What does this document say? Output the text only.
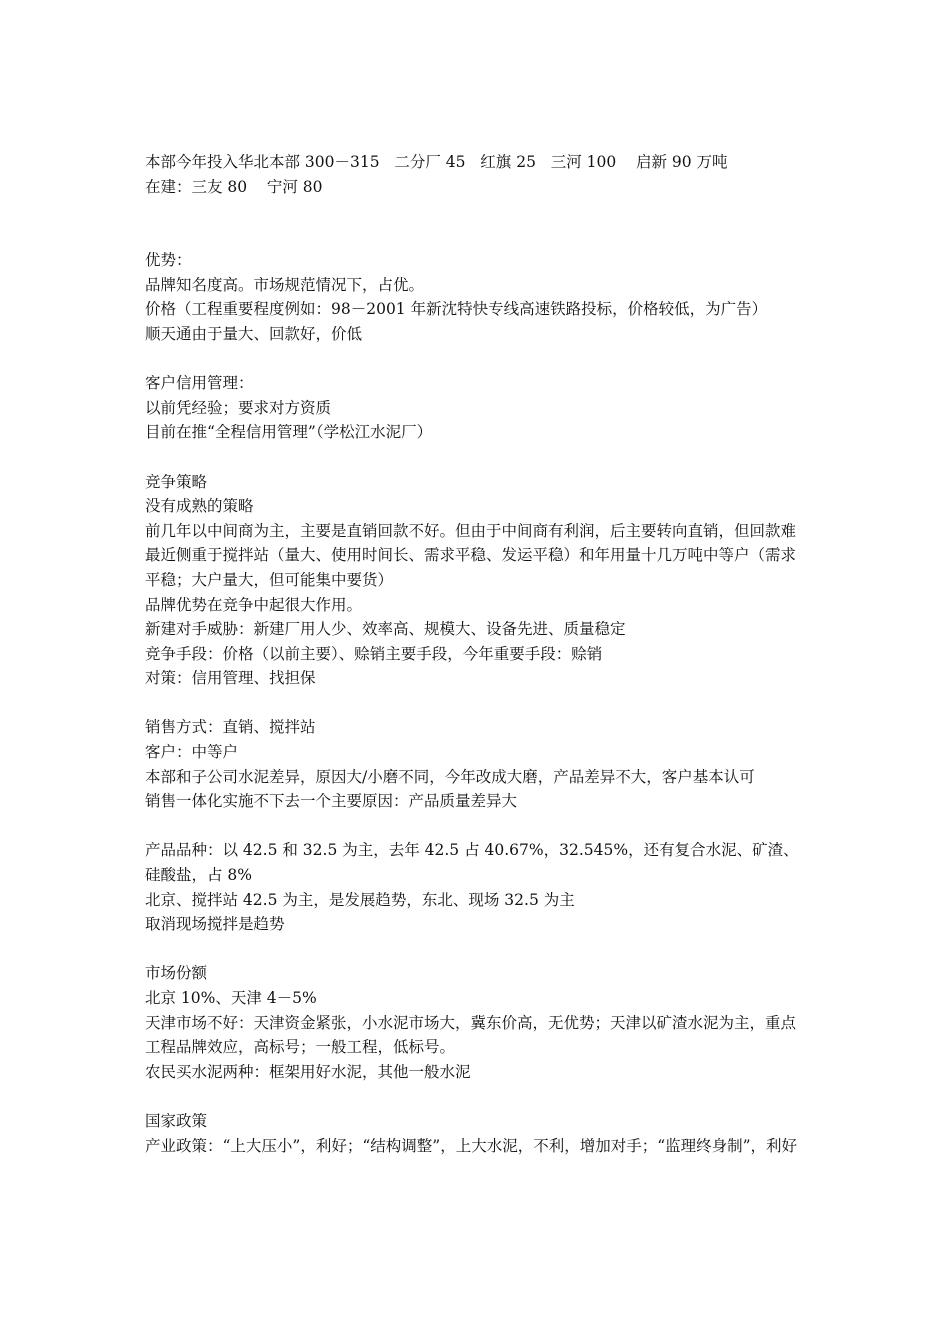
本部今年投入华北本部 300－315   二分厂 45   红旗 25   三河 100    启新 90 万吨
在建：三友 80    宁河 80
优势：
品牌知名度高。市场规范情况下，占优。
价格（工程重要程度例如：98－2001 年新沈特快专线高速铁路投标，价格较低，为广告）
顺天通由于量大、回款好，价低
客户信用管理：
以前凭经验；要求对方资质
目前在推“全程信用管理”（学松江水泥厂）
竞争策略
没有成熟的策略
前几年以中间商为主，主要是直销回款不好。但由于中间商有利润，后主要转向直销，但回款难
最近侧重于搅拌站（量大、使用时间长、需求平稳、发运平稳）和年用量十几万吨中等户（需求平稳；大户量大，但可能集中要货）
品牌优势在竞争中起很大作用。
新建对手威胁：新建厂用人少、效率高、规模大、设备先进、质量稳定
竞争手段：价格（以前主要）、赊销主要手段，今年重要手段：赊销
对策：信用管理、找担保
销售方式：直销、搅拌站
客户：中等户
本部和子公司水泥差异，原因大/小磨不同，今年改成大磨，产品差异不大，客户基本认可
销售一体化实施不下去一个主要原因：产品质量差异大
产品品种：以 42.5 和 32.5 为主，去年 42.5 占 40.67%，32.545%，还有复合水泥、矿渣、硅酸盐，占 8%
北京、搅拌站 42.5 为主，是发展趋势，东北、现场 32.5 为主
取消现场搅拌是趋势
市场份额
北京 10%、天津 4－5%
天津市场不好：天津资金紧张，小水泥市场大，冀东价高，无优势；天津以矿渣水泥为主，重点工程品牌效应，高标号；一般工程，低标号。
农民买水泥两种：框架用好水泥，其他一般水泥
国家政策
产业政策：“上大压小”，利好；“结构调整”，上大水泥，不利，增加对手；“监理终身制”，利好
